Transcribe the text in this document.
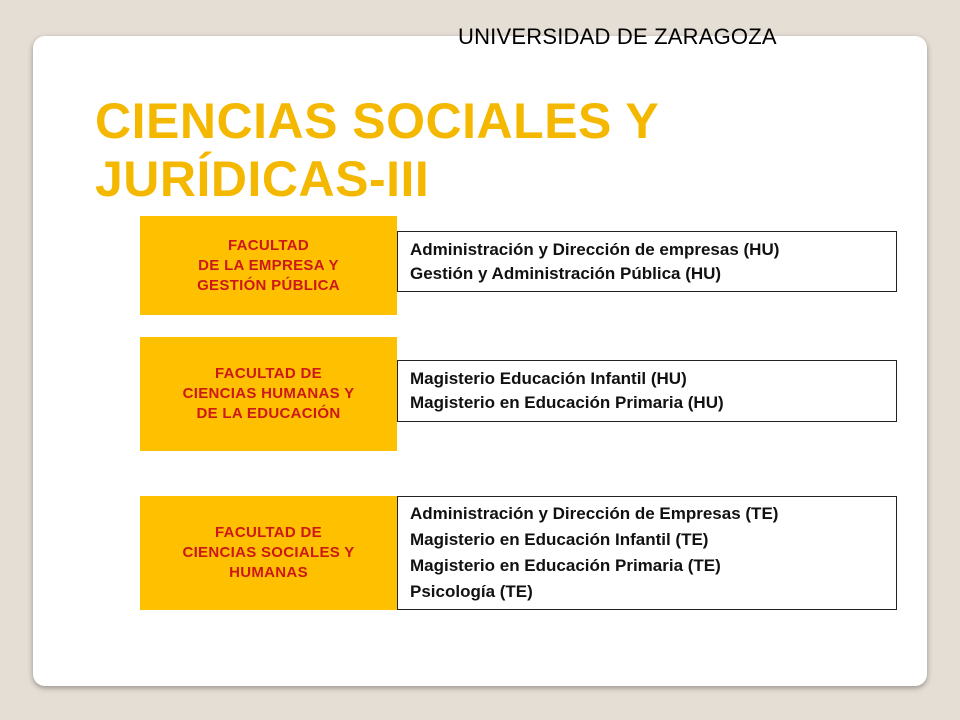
UNIVERSIDAD DE ZARAGOZA
CIENCIAS SOCIALES Y
JURÍDICAS-III
FACULTAD
DE LA EMPRESA Y
GESTIÓN PÚBLICA
Administración y Dirección de empresas (HU)
Gestión y Administración Pública (HU)
FACULTAD DE
CIENCIAS HUMANAS Y
DE LA EDUCACIÓN
Magisterio Educación Infantil (HU)
Magisterio en Educación Primaria (HU)
FACULTAD DE
CIENCIAS SOCIALES Y
HUMANAS
Administración y Dirección de Empresas (TE)
Magisterio en Educación Infantil (TE)
Magisterio en Educación Primaria (TE)
Psicología (TE)
